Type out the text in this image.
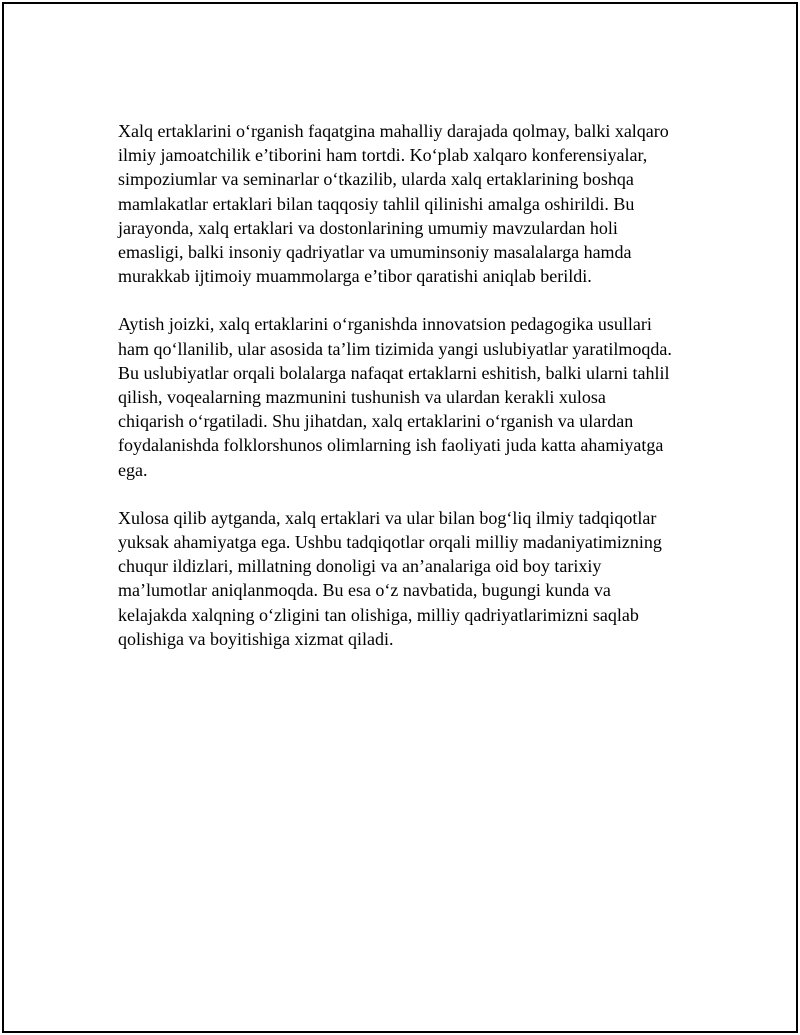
Xalq ertaklarini o‘rganish faqatgina mahalliy darajada qolmay, balki xalqaro
ilmiy jamoatchilik e’tiborini ham tortdi. Ko‘plab xalqaro konferensiyalar,
simpoziumlar va seminarlar o‘tkazilib, ularda xalq ertaklarining boshqa
mamlakatlar ertaklari bilan taqqosiy tahlil qilinishi amalga oshirildi. Bu
jarayonda, xalq ertaklari va dostonlarining umumiy mavzulardan holi
emasligi, balki insoniy qadriyatlar va umuminsoniy masalalarga hamda
murakkab ijtimoiy muammolarga e’tibor qaratishi aniqlab berildi.

Aytish joizki, xalq ertaklarini o‘rganishda innovatsion pedagogika usullari
ham qo‘llanilib, ular asosida ta’lim tizimida yangi uslubiyatlar yaratilmoqda.
Bu uslubiyatlar orqali bolalarga nafaqat ertaklarni eshitish, balki ularni tahlil
qilish, voqealarning mazmunini tushunish va ulardan kerakli xulosa
chiqarish o‘rgatiladi. Shu jihatdan, xalq ertaklarini o‘rganish va ulardan
foydalanishda folklorshunos olimlarning ish faoliyati juda katta ahamiyatga
ega.

Xulosa qilib aytganda, xalq ertaklari va ular bilan bog‘liq ilmiy tadqiqotlar
yuksak ahamiyatga ega. Ushbu tadqiqotlar orqali milliy madaniyatimizning
chuqur ildizlari, millatning donoligi va an’analariga oid boy tarixiy
ma’lumotlar aniqlanmoqda. Bu esa o‘z navbatida, bugungi kunda va
kelajakda xalqning o‘zligini tan olishiga, milliy qadriyatlarimizni saqlab
qolishiga va boyitishiga xizmat qiladi.
